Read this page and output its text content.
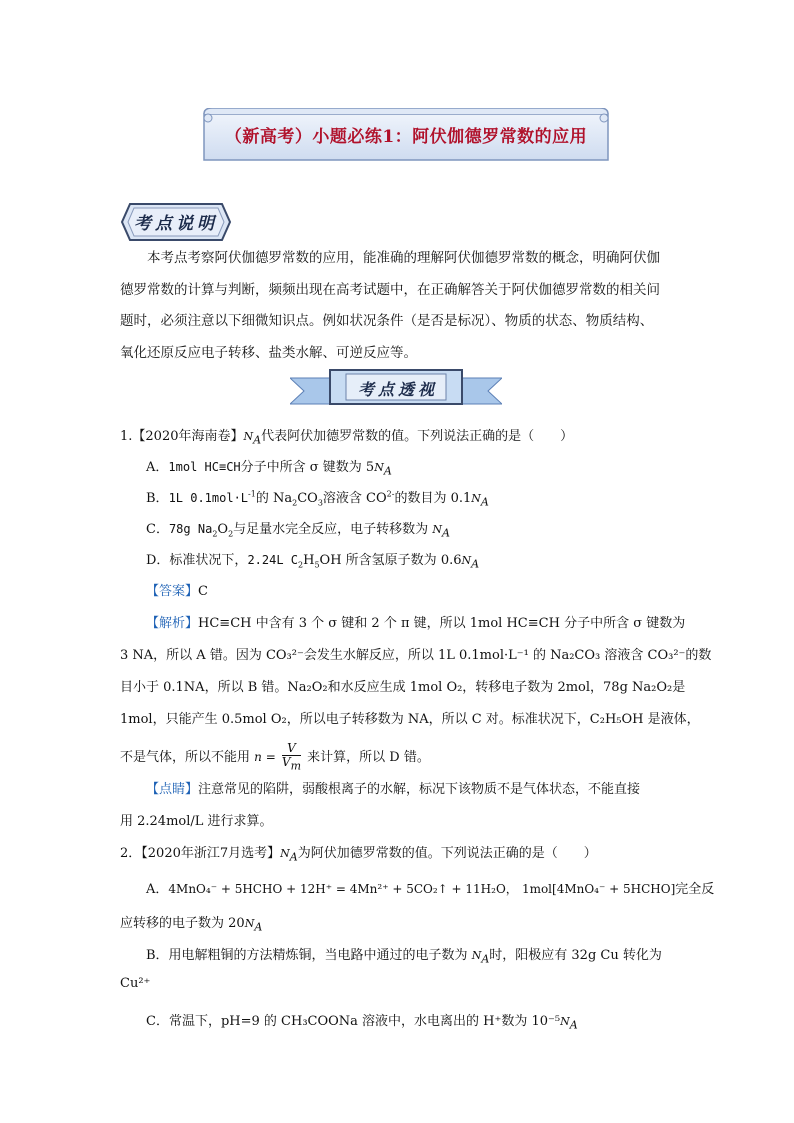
（新高考）小题必练1：阿伏伽德罗常数的应用
考点说明
本考点考察阿伏伽德罗常数的应用，能准确的理解阿伏伽德罗常数的概念，明确阿伏伽
德罗常数的计算与判断，频频出现在高考试题中，在正确解答关于阿伏伽德罗常数的相关问
题时，必须注意以下细微知识点。例如状况条件（是否是标况）、物质的状态、物质结构、
氧化还原反应电子转移、盐类水解、可逆反应等。
考点透视
1.【2020年海南卷】$N_A$代表阿伏加德罗常数的值。下列说法正确的是（　　）
A．1mol HC≡CH分子中所含 σ 键数为 $5N_A$
B．1L $0.1mol\cdot L^{-1}$的 $Na_2CO_3$溶液含 $CO^{2-}$的数目为 $0.1N_A$
C．78g $Na_2O_2$与足量水完全反应，电子转移数为 $N_A$
D．标准状况下，2.24L $C_2H_5OH$ 所含氢原子数为 $0.6N_A$
【答案】C
【解析】HC≡CH 中含有 3 个 σ 键和 2 个 π 键，所以 1mol HC≡CH 分子中所含 σ 键数为
3 NA，所以 A 错。因为 CO₃²⁻会发生水解反应，所以 1L 0.1mol·L⁻¹ 的 Na₂CO₃ 溶液含 CO₃²⁻的数
目小于 0.1NA，所以 B 错。Na₂O₂和水反应生成 1mol O₂，转移电子数为 2mol，78g Na₂O₂是
1mol，只能产生 0.5mol O₂，所以电子转移数为 NA，所以 C 对。标准状况下，C₂H₅OH 是液体，
不是气体，所以不能用 $n = \frac{V}{V_m}$ 来计算，所以 D 错。
【点睛】注意常见的陷阱，弱酸根离子的水解，标况下该物质不是气体状态，不能直接
用 2.24mol/L 进行求算。
2．【2020年浙江7月选考】$N_A$为阿伏加德罗常数的值。下列说法正确的是（　　）
A．4MnO₄⁻ + 5HCHO + 12H⁺ = 4Mn²⁺ + 5CO₂↑ + 11H₂O， 1mol[4MnO₄⁻ + 5HCHO]完全反
应转移的电子数为 $20N_A$
B．用电解粗铜的方法精炼铜，当电路中通过的电子数为 $N_A$时，阳极应有 32g Cu 转化为
Cu²⁺
C．常温下，pH=9 的 CH₃COONa 溶液中，水电离出的 H⁺数为 $10^{-5}N_A$
